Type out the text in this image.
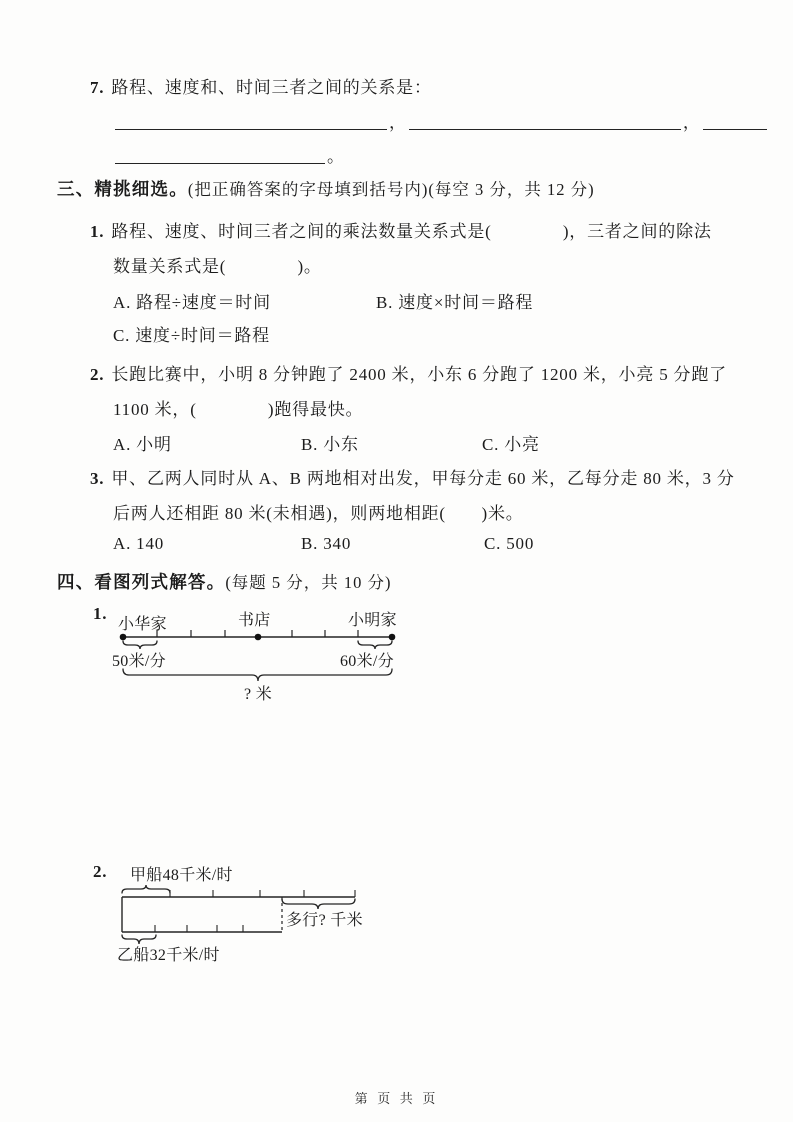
7. 路程、速度和、时间三者之间的关系是：
，	，
。
三、精挑细选。(把正确答案的字母填到括号内)(每空 3 分，共 12 分)
1. 路程、速度、时间三者之间的乘法数量关系式是(　　　　)，三者之间的除法
数量关系式是(　　　　)。
A. 路程÷速度＝时间	B. 速度×时间＝路程
C. 速度÷时间＝路程
2. 长跑比赛中，小明 8 分钟跑了 2400 米，小东 6 分跑了 1200 米，小亮 5 分跑了
1100 米，(　　　　)跑得最快。
A. 小明	B. 小东	C. 小亮
3. 甲、乙两人同时从 A、B 两地相对出发，甲每分走 60 米，乙每分走 80 米，3 分
后两人还相距 80 米(未相遇)，则两地相距(　　)米。
A. 140	B. 340	C. 500
四、看图列式解答。(每题 5 分，共 10 分)
1.
小华家	书店	小明家
50米/分	60米/分
? 米
2. 甲船48千米/时
多行? 千米
乙船32千米/时
第 页 共 页
